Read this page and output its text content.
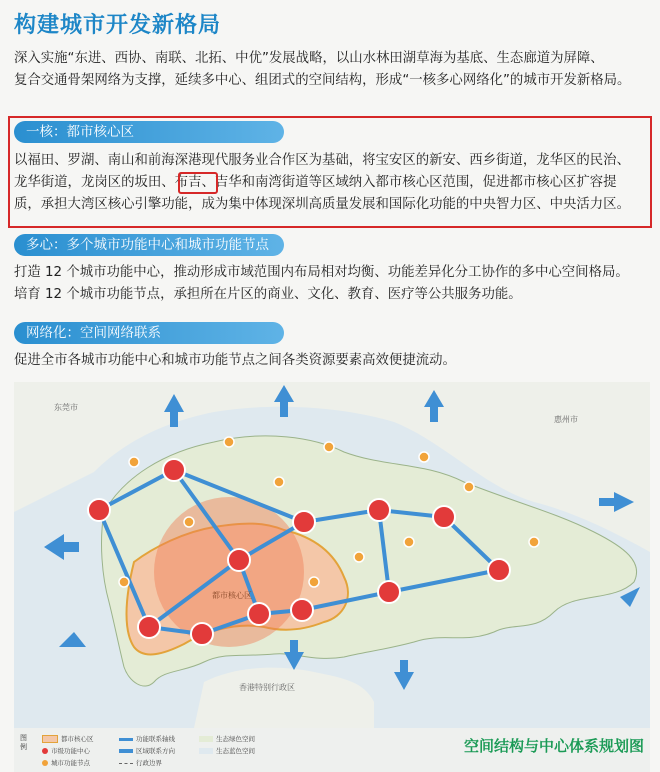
构建城市开发新格局
深入实施“东进、西协、南联、北拓、中优”发展战略，以山水林田湖草海为基底、生态廊道为屏障、
复合交通骨架网络为支撑，延续多中心、组团式的空间结构，形成“一核多心网络化”的城市开发新格局。
一核：都市核心区
以福田、罗湖、南山和前海深港现代服务业合作区为基础，将宝安区的新安、西乡街道，龙华区的民治、
龙华街道，龙岗区的坂田、布吉、吉华和南湾街道等区域纳入都市核心区范围，促进都市核心区扩容提
质，承担大湾区核心引擎功能，成为集中体现深圳高质量发展和国际化功能的中央智力区、中央活力区。
多心：多个城市功能中心和城市功能节点
打造 12 个城市功能中心，推动形成市域范围内布局相对均衡、功能差异化分工协作的多中心空间格局。
培育 12 个城市功能节点，承担所在片区的商业、文化、教育、医疗等公共服务功能。
网络化：空间网络联系
促进全市各城市功能中心和城市功能节点之间各类资源要素高效便捷流动。
东莞市
惠州市
香港特别行政区
都市核心区
图例
都市核心区
市级功能中心
城市功能节点
功能联系轴线
区域联系方向
行政边界
生态绿色空间
生态蓝色空间	空间结构与中心体系规划图
